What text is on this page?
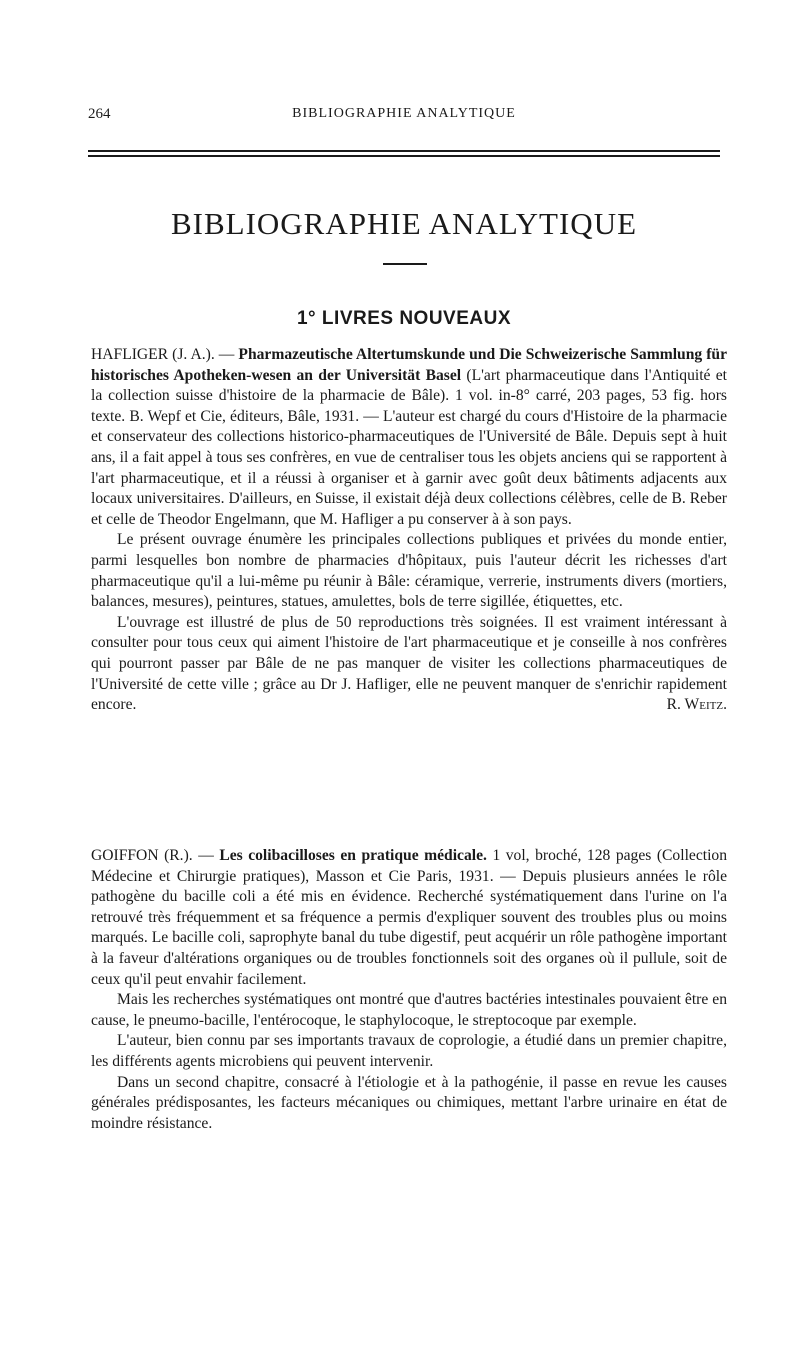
264	BIBLIOGRAPHIE ANALYTIQUE
BIBLIOGRAPHIE ANALYTIQUE
1° LIVRES NOUVEAUX

HAFLIGER (J. A.). — Pharmazeutische Altertumskunde und Die Schweizerische Sammlung für historisches Apotheken-wesen an der Universität Basel (L'art pharmaceutique dans l'Antiquité et la collection suisse d'histoire de la pharmacie de Bâle). 1 vol. in-8° carré, 203 pages, 53 fig. hors texte. B. Wepf et Cie, éditeurs, Bâle, 1931. — L'auteur est chargé du cours d'Histoire de la pharmacie et conservateur des collections historico-pharmaceutiques de l'Université de Bâle. Depuis sept à huit ans, il a fait appel à tous ses confrères, en vue de centraliser tous les objets anciens qui se rapportent à l'art pharmaceutique, et il a réussi à organiser et à garnir avec goût deux bâtiments adjacents aux locaux universitaires. D'ailleurs, en Suisse, il existait déjà deux collections célèbres, celle de B. Reber et celle de Theodor Engelmann, que M. Hafliger a pu conserver à à son pays.

Le présent ouvrage énumère les principales collections publiques et privées du monde entier, parmi lesquelles bon nombre de pharmacies d'hôpitaux, puis l'auteur décrit les richesses d'art pharmaceutique qu'il a lui-même pu réunir à Bâle: céramique, verrerie, instruments divers (mortiers, balances, mesures), peintures, statues, amulettes, bols de terre sigillée, étiquettes, etc.

L'ouvrage est illustré de plus de 50 reproductions très soignées. Il est vraiment intéressant à consulter pour tous ceux qui aiment l'histoire de l'art pharmaceutique et je conseille à nos confrères qui pourront passer par Bâle de ne pas manquer de visiter les collections pharmaceutiques de l'Université de cette ville ; grâce au Dr J. Hafliger, elle ne peuvent manquer de s'enrichir rapidement encore.	R. Weitz.

GOIFFON (R.). — Les colibacilloses en pratique médicale. 1 vol, broché, 128 pages (Collection Médecine et Chirurgie pratiques), Masson et Cie Paris, 1931. — Depuis plusieurs années le rôle pathogène du bacille coli a été mis en évidence. Recherché systématiquement dans l'urine on l'a retrouvé très fréquemment et sa fréquence a permis d'expliquer souvent des troubles plus ou moins marqués. Le bacille coli, saprophyte banal du tube digestif, peut acquérir un rôle pathogène important à la faveur d'altérations organiques ou de troubles fonctionnels soit des organes où il pullule, soit de ceux qu'il peut envahir facilement.

Mais les recherches systématiques ont montré que d'autres bactéries intestinales pouvaient être en cause, le pneumo-bacille, l'entérocoque, le staphylocoque, le streptocoque par exemple.

L'auteur, bien connu par ses importants travaux de coprologie, a étudié dans un premier chapitre, les différents agents microbiens qui peuvent intervenir.

Dans un second chapitre, consacré à l'étiologie et à la pathogénie, il passe en revue les causes générales prédisposantes, les facteurs mécaniques ou chimiques, mettant l'arbre urinaire en état de moindre résistance.
